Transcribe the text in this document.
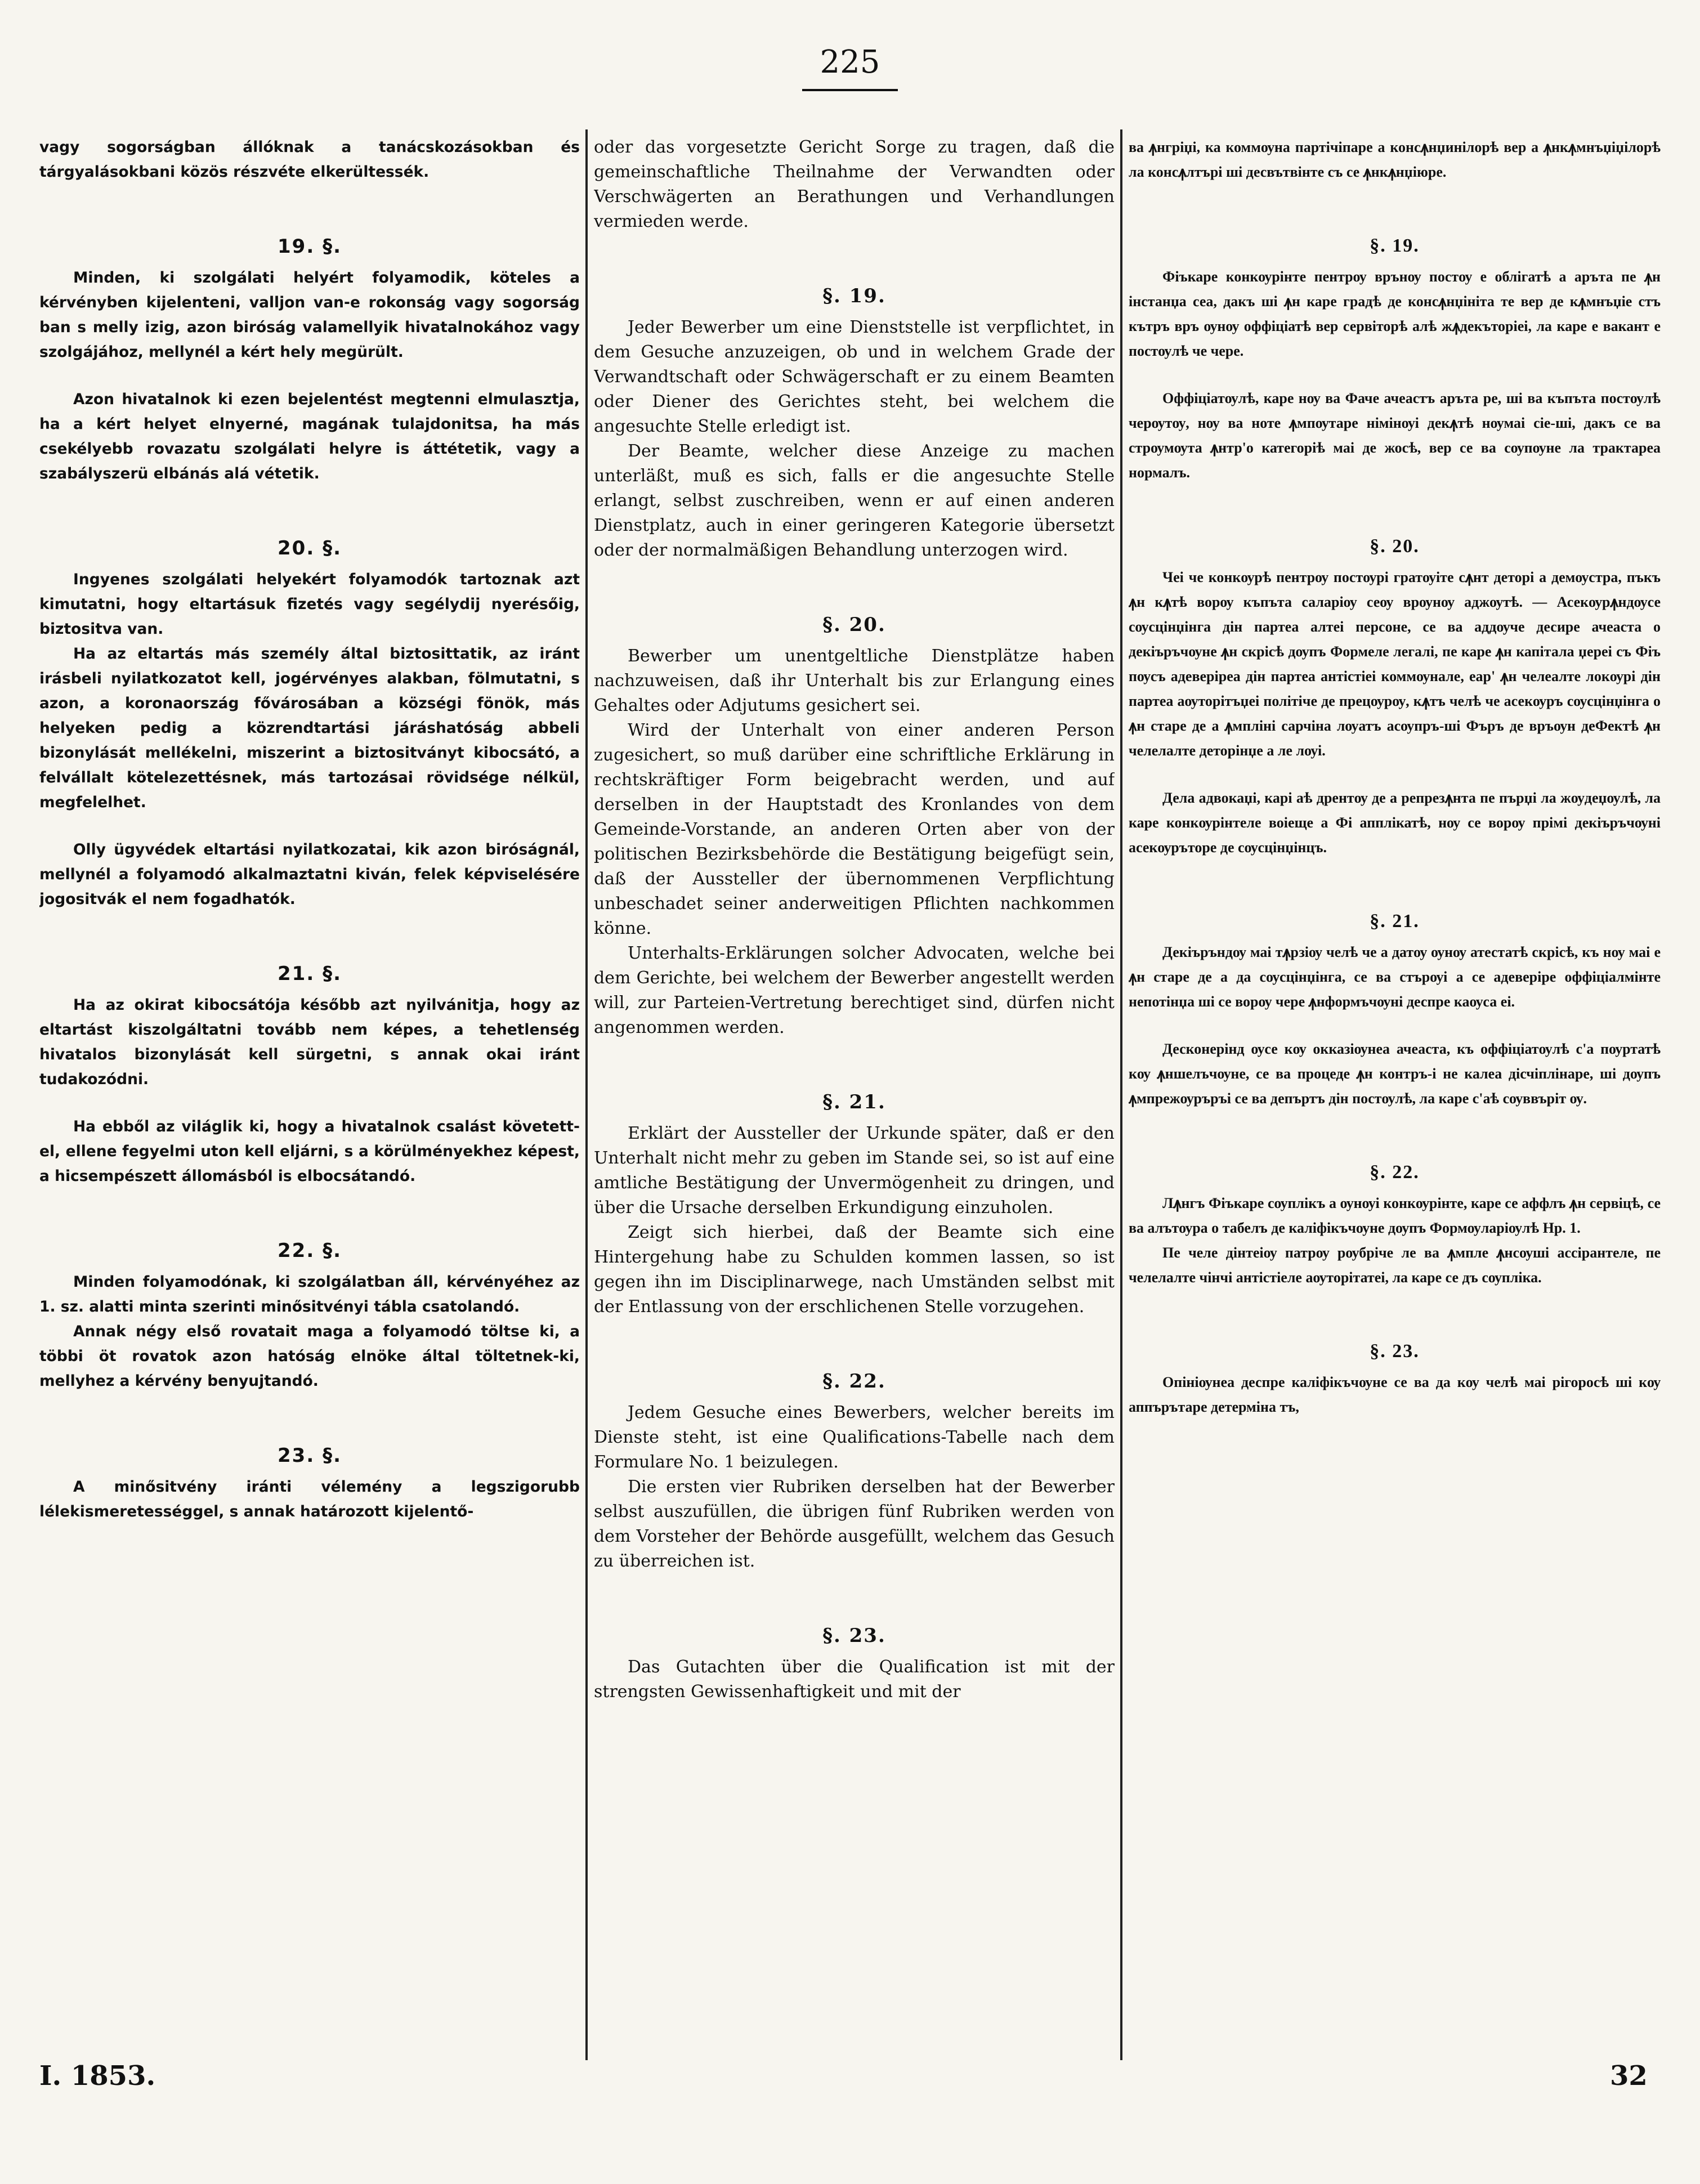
225

vagy sogorságban állóknak a tanácskozásokban és tárgyalásokbani közös részvéte elkerültessék.

19. §.

Minden, ki szolgálati helyért folyamodik, köteles a kérvényben kijelenteni, valljon van-e rokonság vagy sogorság ban s melly izig, azon biróság valamellyik hivatalnokához vagy szolgájához, mellynél a kért hely megürült.

Azon hivatalnok ki ezen bejelentést megtenni elmulasztja, ha a kért helyet elnyerné, magának tulajdonitsa, ha más csekélyebb rovazatu szolgálati helyre is áttétetik, vagy a szabályszerü elbánás alá vétetik.

20. §.

Ingyenes szolgálati helyekért folyamodók tartoznak azt kimutatni, hogy eltartásuk fizetés vagy segélydij nyerésőig, biztositva van.

Ha az eltartás más személy által biztosittatik, az iránt irásbeli nyilatkozatot kell, jogérvényes alakban, fölmutatni, s azon, a koronaország fővárosában a községi fönök, más helyeken pedig a közrendtartási járáshatóság abbeli bizonylását mellékelni, miszerint a biztositványt kibocsátó, a felvállalt kötelezettésnek, más tartozásai rövidsége nélkül, megfelelhet.

Olly ügyvédek eltartási nyilatkozatai, kik azon biróságnál, mellynél a folyamodó alkalmaztatni kiván, felek képviselésére jogositvák el nem fogadhatók.

21. §.

Ha az okirat kibocsátója később azt nyilvánitja, hogy az eltartást kiszolgáltatni tovább nem képes, a tehetlenség hivatalos bizonylását kell sürgetni, s annak okai iránt tudakozódni.

Ha ebből az világlik ki, hogy a hivatalnok csalást követett-el, ellene fegyelmi uton kell eljárni, s a körülményekhez képest, a hicsempészett állomásból is elbocsátandó.

22. §.

Minden folyamodónak, ki szolgálatban áll, kérvényéhez az 1. sz. alatti minta szerinti minősitvényi tábla csatolandó.

Annak négy első rovatait maga a folyamodó töltse ki, a többi öt rovatok azon hatóság elnöke által töltetnek-ki, mellyhez a kérvény benyujtandó.

23. §.

A minősitvény iránti vélemény a legszigorubb lélekismeretességgel, s annak határozott kijelentő-

oder das vorgesetzte Gericht Sorge zu tragen, daß die gemeinschaftliche Theilnahme der Verwandten oder Verschwägerten an Berathungen und Verhandlungen vermieden werde.

§. 19.

Jeder Bewerber um eine Dienststelle ist verpflichtet, in dem Gesuche anzuzeigen, ob und in welchem Grade der Verwandtschaft oder Schwägerschaft er zu einem Beamten oder Diener des Gerichtes steht, bei welchem die angesuchte Stelle erledigt ist.

Der Beamte, welcher diese Anzeige zu machen unterläßt, muß es sich, falls er die angesuchte Stelle erlangt, selbst zuschreiben, wenn er auf einen anderen Dienstplatz, auch in einer geringeren Kategorie übersetzt oder der normalmäßigen Behandlung unterzogen wird.

§. 20.

Bewerber um unentgeltliche Dienstplätze haben nachzuweisen, daß ihr Unterhalt bis zur Erlangung eines Gehaltes oder Adjutums gesichert sei.

Wird der Unterhalt von einer anderen Person zugesichert, so muß darüber eine schriftliche Erklärung in rechtskräftiger Form beigebracht werden, und auf derselben in der Hauptstadt des Kronlandes von dem Gemeinde-Vorstande, an anderen Orten aber von der politischen Bezirksbehörde die Bestätigung beigefügt sein, daß der Aussteller der übernommenen Verpflichtung unbeschadet seiner anderweitigen Pflichten nachkommen könne.

Unterhalts-Erklärungen solcher Advocaten, welche bei dem Gerichte, bei welchem der Bewerber angestellt werden will, zur Parteien-Vertretung berechtiget sind, dürfen nicht angenommen werden.

§. 21.

Erklärt der Aussteller der Urkunde später, daß er den Unterhalt nicht mehr zu geben im Stande sei, so ist auf eine amtliche Bestätigung der Unvermögenheit zu dringen, und über die Ursache derselben Erkundigung einzuholen.

Zeigt sich hierbei, daß der Beamte sich eine Hintergehung habe zu Schulden kommen lassen, so ist gegen ihn im Disciplinarwege, nach Umständen selbst mit der Entlassung von der erschlichenen Stelle vorzugehen.

§. 22.

Jedem Gesuche eines Bewerbers, welcher bereits im Dienste steht, ist eine Qualifications-Tabelle nach dem Formulare No. 1 beizulegen.

Die ersten vier Rubriken derselben hat der Bewerber selbst auszufüllen, die übrigen fünf Rubriken werden von dem Vorsteher der Behörde ausgefüllt, welchem das Gesuch zu überreichen ist.

§. 23.

Das Gutachten über die Qualification ist mit der strengsten Gewissenhaftigkeit und mit der

ва ꙟнгріџі, ка коммѹна партічіпаре а консꙟнџинілорѣ вер а ꙟнкꙟмнъџіџілорѣ ла консꙟлтърі ші десвътвінте съ се ꙟнкꙟнџіюре.

§. 19.

Фіъкаре конкѹрінте пентрѹ врънѹ постѹ е облігатѣ а аръта пе ꙟн інстанџа сеа, дакъ ші ꙟн каре градѣ де консꙟнџініта те вер де кꙟмнъџіе стъ кътръ връ ѹнѹ оффіціатѣ вер сервіторѣ алѣ жꙟдекъторіеі, ла каре е вакант е постѹлѣ че чере.

Оффіціатѹлѣ, каре нѹ ва Фаче ачеастъ аръта ре, ші ва къпъта постѹлѣ черѹтѹ, нѹ ва ноте ꙟмпѹтаре німінѹі декꙟтѣ нѹмаі сіе-ші, дакъ се ва стрѹмѹта ꙟнтр'о категоріѣ маі де жосѣ, вер се ва сѹпѹне ла трактареа нормалъ.

§. 20.

Чеі че конкѹрѣ пентрѹ постѹрі гратѹіте сꙟнт деторі а демѹстра, пъкъ ꙟн кꙟтѣ ворѹ къпъта саларіѹ сеѹ врѹнѹ аджѹтѣ. — Асекѹрꙟндѹсе сѹсцінџінга дін партеа алтеі персоне, се ва аддѹче десире ачеаста о декіъръчѹне ꙟн скрісѣ дѹпъ Формеле легалі, пе каре ꙟн капітала џереі съ Фіъ пѹсъ адеверіреа дін партеа антістіеі коммѹнале, еар' ꙟн челеалте локѹрі дін партеа аѹторітъџеі політіче де прецѹрѹ, кꙟтъ челѣ че асекѹръ сѹсцінџінга о ꙟн старе де а ꙟмпліні сарчіна лѹатъ асѹпръ-ші Фъръ де връѹн деФектѣ ꙟн челелалте деторінџе а ле лѹі.

Дела адвокаџі, карі аѣ дрентѹ де а репрезꙟнта пе пърџі ла жѹдеџѹлѣ, ла каре конкѹрінтеле воіеще а Фі апплікатѣ, нѹ се ворѹ прімі декіъръчѹні асекѹръторе де сѹсцінџінцъ.

§. 21.

Декіъръндѹ маі тꙟрзіѹ челѣ че а датѹ ѹнѹ атестатѣ скрісѣ, къ нѹ маі е ꙟн старе де а да сѹсцінџінга, се ва стърѹі а се адеверіре оффіціалмінте непотінџа ші се ворѹ чере ꙟнформъчѹні деспре каѹса еі.

Десконерінд ѹсе кѹ окказіѹнеа ачеаста, къ оффіціатѹлѣ с'а пѹртатѣ кѹ ꙟншелъчѹне, се ва процеде ꙟн контръ-і не калеа дісчіплінаре, ші дѹпъ ꙟмпрежѹръръі се ва депъртъ дін постѹлѣ, ла каре с'аѣ сѹввъріт ѹ.

§. 22.

Лꙟнгъ Фіъкаре сѹплікъ а ѹнѹі конкѹрінте, каре се аффлъ ꙟн сервіцѣ, се ва алътѹра о табелъ де каліфікъчѹне дѹпъ Формѹларіѹлѣ Нр. 1.

Пе челе дінтеіѹ патрѹ рѹбріче ле ва ꙟмпле ꙟнсѹші ассірантеле, пе челелалте чінчі антістіеле аѹторітатеі, ла каре се дъ сѹпліка.

§. 23.

Опініѹнеа деспре каліфікъчѹне се ва да кѹ челѣ маі рігоросѣ ші кѹ аппърътаре детерміна тъ,

I. 1853.	32
